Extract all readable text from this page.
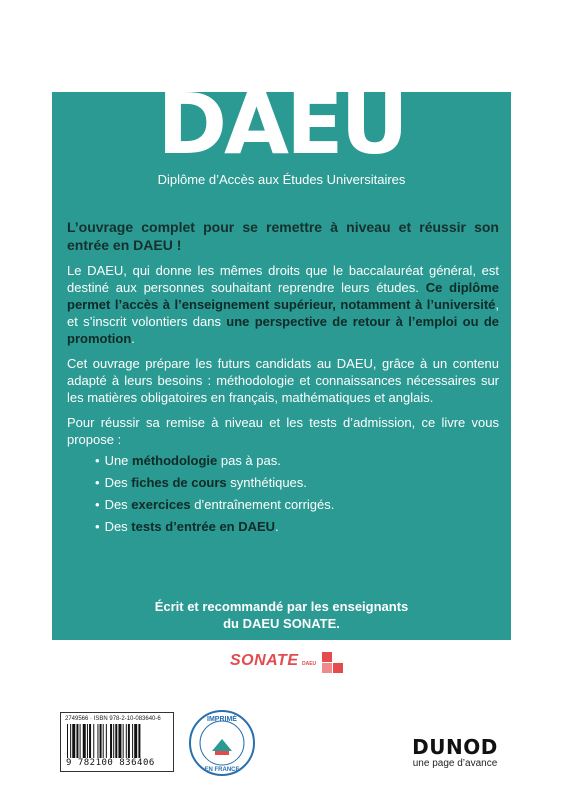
DAEU
Diplôme d’Accès aux Études Universitaires

L’ouvrage complet pour se remettre à niveau et réussir son entrée en DAEU !

Le DAEU, qui donne les mêmes droits que le baccalauréat général, est destiné aux personnes souhaitant reprendre leurs études. Ce diplôme permet l’accès à l’enseignement supérieur, notamment à l’université, et s’inscrit volontiers dans une perspective de retour à l’emploi ou de promotion.

Cet ouvrage prépare les futurs candidats au DAEU, grâce à un contenu adapté à leurs besoins : méthodologie et connaissances nécessaires sur les matières obligatoires en français, mathématiques et anglais.

Pour réussir sa remise à niveau et les tests d’admission, ce livre vous propose :

• Une méthodologie pas à pas.
• Des fiches de cours synthétiques.
• Des exercices d’entraînement corrigés.
• Des tests d’entrée en DAEU.
Écrit et recommandé par les enseignants
du DAEU SONATE.
SONATE DAEU
2749566 · ISBN 978-2-10-083640-6
9 782100 836406
IMPRIMÉ
EN FRANCE
DUNOD
une page d’avance
